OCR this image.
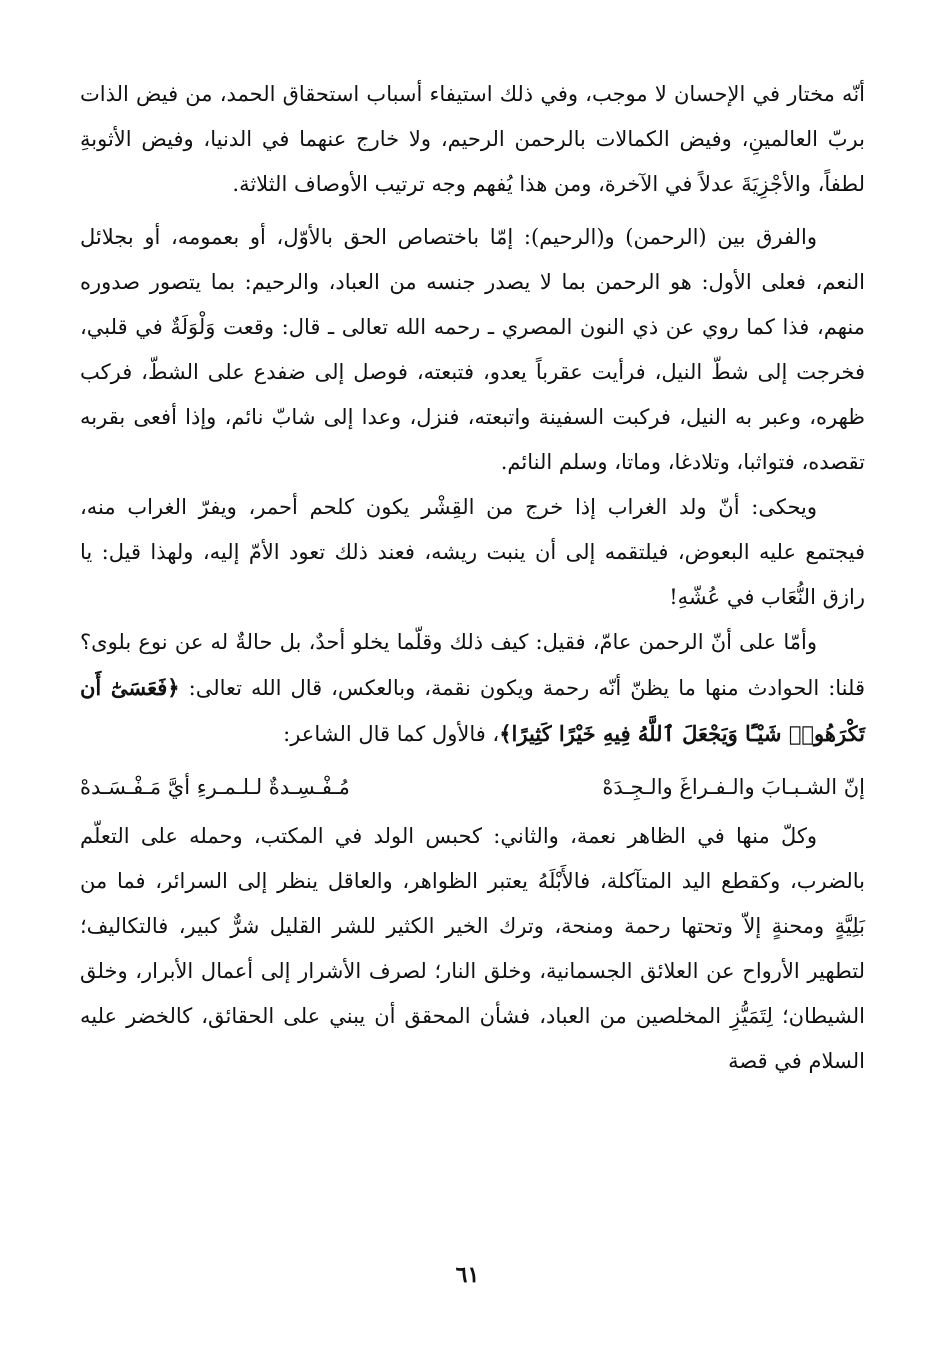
أنّه مختار في الإحسان لا موجب، وفي ذلك استيفاء أسباب استحقاق الحمد، من فيض الذات بربّ العالمينِ، وفيض الكمالات بالرحمن الرحيم، ولا خارج عنهما في الدنيا، وفيض الأثوبةِ لطفاً، والأجْزِيَةَ عدلاً في الآخرة، ومن هذا يُفهم وجه ترتيب الأوصاف الثلاثة.

والفرق بين (الرحمن) و(الرحيم): إمّا باختصاص الحق بالأوّل، أو بعمومه، أو بجلائل النعم، فعلى الأول: هو الرحمن بما لا يصدر جنسه من العباد، والرحيم: بما يتصور صدوره منهم، فذا كما روي عن ذي النون المصري ـ رحمه الله تعالى ـ قال: وقعت وَلْوَلَةٌ في قلبي، فخرجت إلى شطّ النيل، فرأيت عقرباً يعدو، فتبعته، فوصل إلى ضفدع على الشطّ، فركب ظهره، وعبر به النيل، فركبت السفينة واتبعته، فنزل، وعدا إلى شابّ نائم، وإذا أفعى بقربه تقصده، فتواثبا، وتلادغا، وماتا، وسلم النائم.

ويحكى: أنّ ولد الغراب إذا خرج من القِشْر يكون كلحم أحمر، ويفرّ الغراب منه، فيجتمع عليه البعوض، فيلتقمه إلى أن ينبت ريشه، فعند ذلك تعود الأمّ إليه، ولهذا قيل: يا رازق النُّعَاب في عُشّهِ!

وأمّا على أنّ الرحمن عامّ، فقيل: كيف ذلك وقلّما يخلو أحدٌ، بل حالةٌ له عن نوع بلوى؟ قلنا: الحوادث منها ما يظنّ أنّه رحمة ويكون نقمة، وبالعكس، قال الله تعالى: ﴿فَعَسَىٰٓ أَن تَكْرَهُوا۟ شَيْـًٔا وَيَجْعَلَ ٱللَّهُ فِيهِ خَيْرًا كَثِيرًا﴾، فالأول كما قال الشاعر:

إنّ الشـبـابَ والـفـراغَ والـجِـدَهْ
مُـفْـسِـدةٌ لـلـمـرءِ أيَّ مَـفْـسَـدهْ

وكلّ منها في الظاهر نعمة، والثاني: كحبس الولد في المكتب، وحمله على التعلّم بالضرب، وكقطع اليد المتآكلة، فالأَبْلَهُ يعتبر الظواهر، والعاقل ينظر إلى السرائر، فما من بَلِيَّةٍ ومحنةٍ إلاّ وتحتها رحمة ومنحة، وترك الخير الكثير للشر القليل شرٌّ كبير، فالتكاليف؛ لتطهير الأرواح عن العلائق الجسمانية، وخلق النار؛ لصرف الأشرار إلى أعمال الأبرار، وخلق الشيطان؛ لِتَمَيُّزِ المخلصين من العباد، فشأن المحقق أن يبني على الحقائق، كالخضر عليه السلام في قصة

٦١
